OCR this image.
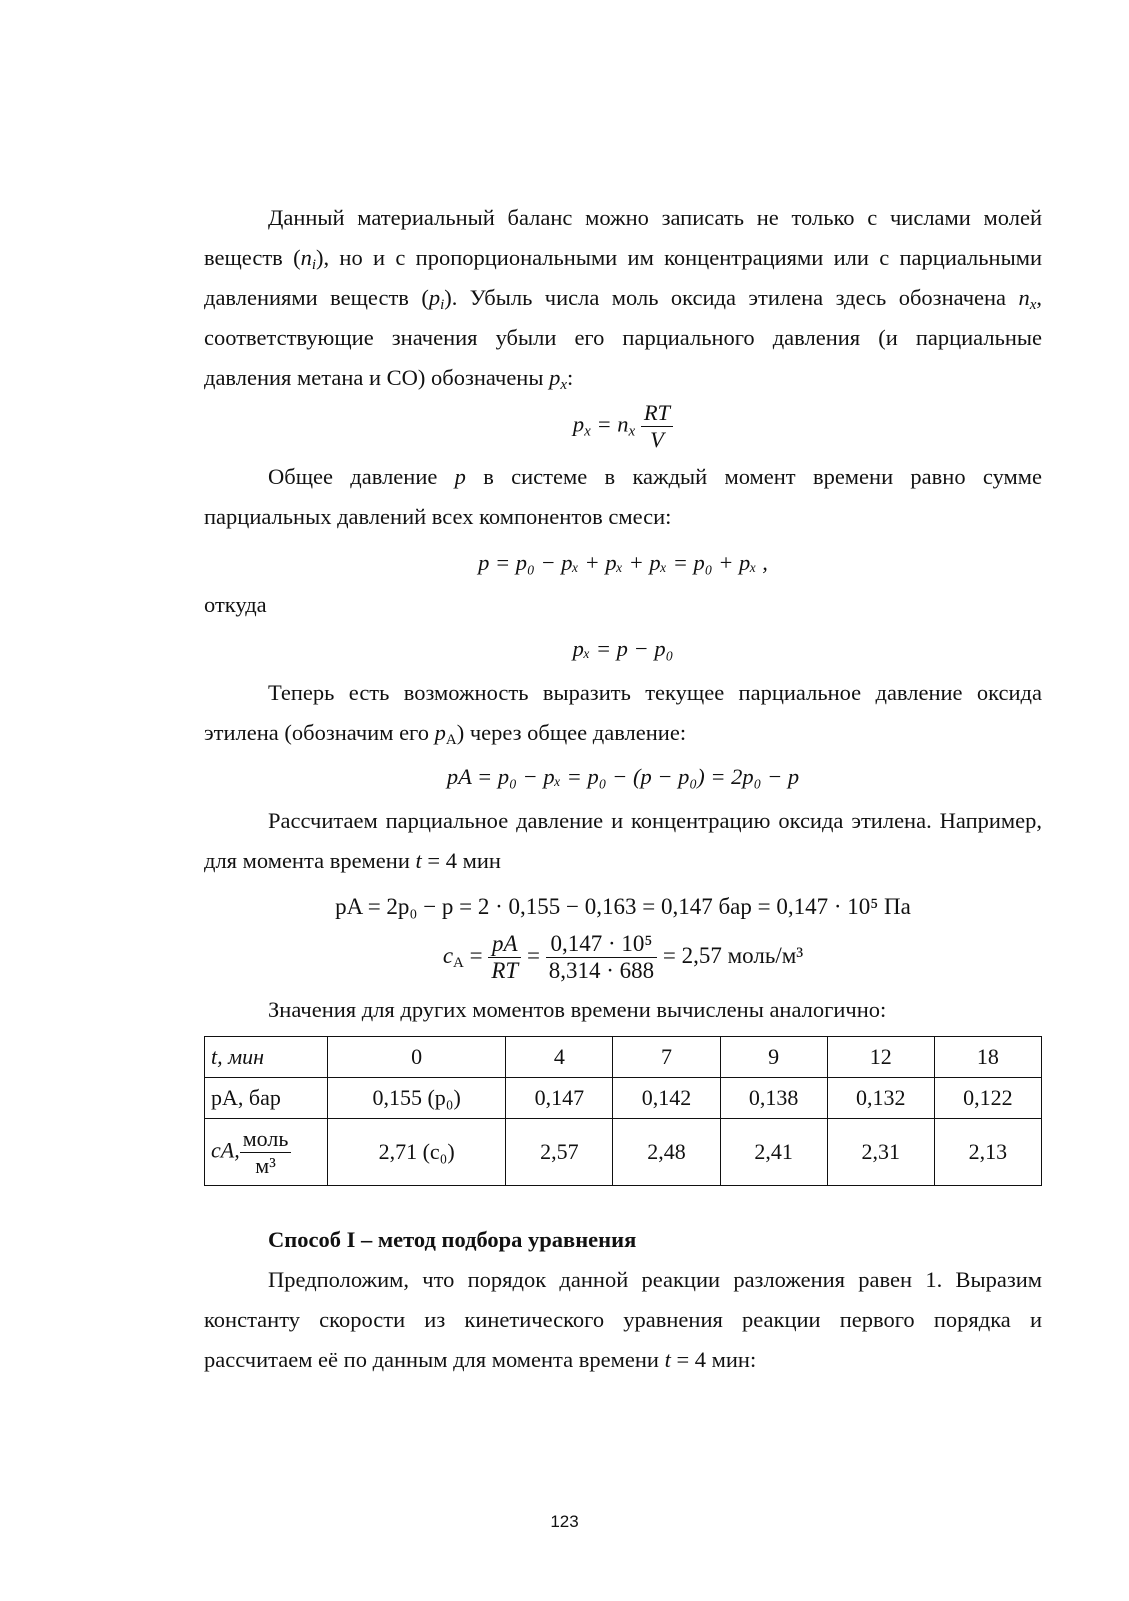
Данный материальный баланс можно записать не только с числами молей веществ $(n_i)$, но и с пропорциональными им концентрациями или с парциальными давлениями веществ $(p_i)$. Убыль числа моль оксида этилена здесь обозначена $n_x$, соответствующие значения убыли его парциального давления (и парциальные давления метана и СО) обозначены $p_x$:

$p_x = n_x \frac{RT}{V}$

Общее давление p в системе в каждый момент времени равно сумме парциальных давлений всех компонентов смеси:

p = p₀ − pₓ + pₓ + pₓ = p₀ + pₓ ,

откуда

pₓ = p − p₀

Теперь есть возможность выразить текущее парциальное давление оксида этилена (обозначим его $p_A$) через общее давление:

pA = p₀ − pₓ = p₀ − (p − p₀) = 2p₀ − p

Рассчитаем парциальное давление и концентрацию оксида этилена. Например, для момента времени t = 4 мин

pA = 2p₀ − p = 2 · 0,155 − 0,163 = 0,147 бар = 0,147 · 10⁵ Па
$c_A = \frac{pA}{RT} = \frac{\text{0,147 · 10⁵}}{8,314 \cdot 688} = 2,57$ моль/м³

Значения для других моментов времени вычислены аналогично:

t, мин	0	4	7	9	12	18
pA, бар	0,155 (p₀)	0,147	0,142	0,138	0,132	0,122
cA, $\frac{\text{моль}}{\text{м³}}$	2,71 (c₀)	2,57	2,48	2,41	2,31	2,13

Способ I – метод подбора уравнения

Предположим, что порядок данной реакции разложения равен 1. Выразим константу скорости из кинетического уравнения реакции первого порядка и рассчитаем её по данным для момента времени t = 4 мин:

123
